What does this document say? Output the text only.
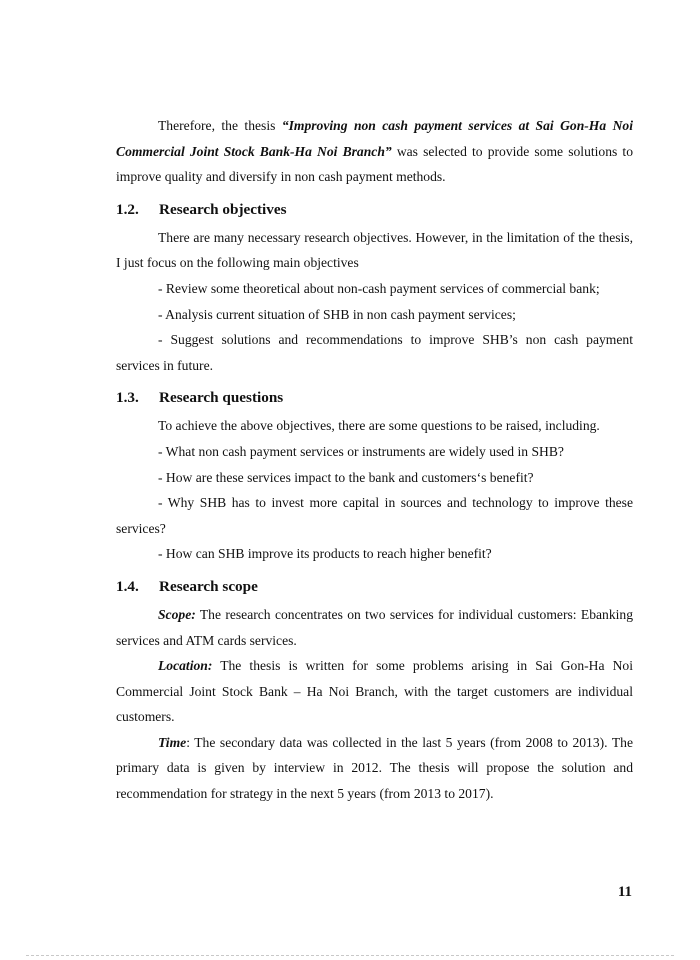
Therefore, the thesis “Improving non cash payment services at Sai Gon-Ha Noi Commercial Joint Stock Bank-Ha Noi Branch” was selected to provide some solutions to improve quality and diversify in non cash payment methods.

1.2.	Research objectives

There are many necessary research objectives. However, in the limitation of the thesis, I just focus on the following main objectives

- Review some theoretical about non-cash payment services of commercial bank;

- Analysis current situation of SHB in non cash payment services;

- Suggest solutions and recommendations to improve SHB’s non cash payment services in future.

1.3.	Research questions

To achieve the above objectives, there are some questions to be raised, including.

- What non cash payment services or instruments are widely used in SHB?

- How are these services impact to the bank and customers‘s benefit?

- Why SHB has to invest more capital in sources and technology to improve these services?

- How can SHB improve its products to reach higher benefit?

1.4.	Research scope

Scope: The research concentrates on two services for individual customers: Ebanking services and ATM cards services.

Location: The thesis is written for some problems arising in Sai Gon-Ha Noi Commercial Joint Stock Bank – Ha Noi Branch, with the target customers are individual customers.

Time: The secondary data was collected in the last 5 years (from 2008 to 2013). The primary data is given by interview in 2012. The thesis will propose the solution and recommendation for strategy in the next 5 years (from 2013 to 2017).

11
